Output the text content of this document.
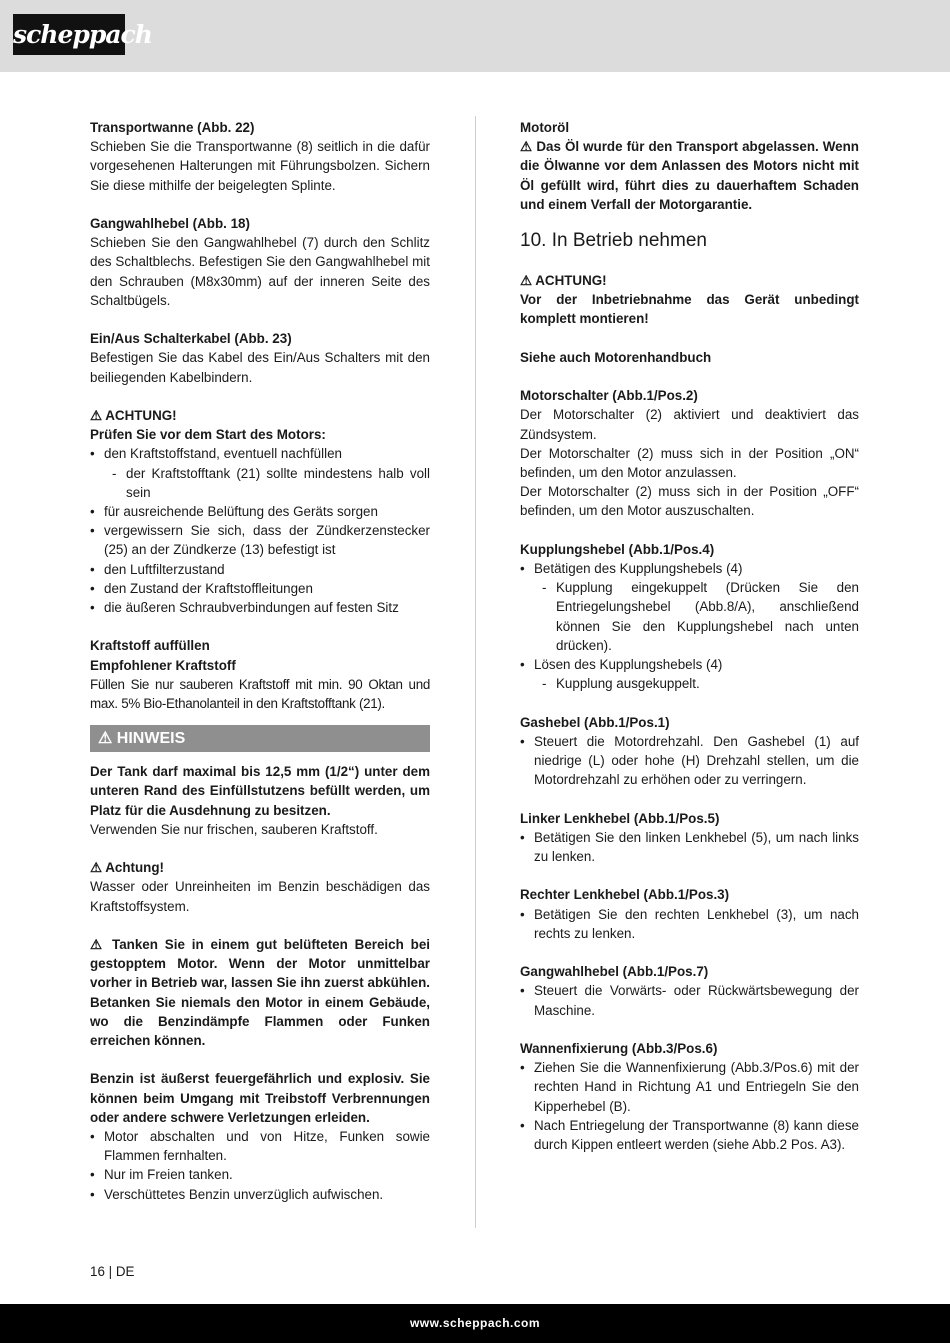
scheppach

Transportwanne (Abb. 22)

Schieben Sie die Transportwanne (8) seitlich in die dafür vorgesehenen Halterungen mit Führungsbolzen. Sichern Sie diese mithilfe der beigelegten Splinte.

Gangwahlhebel (Abb. 18)

Schieben Sie den Gangwahlhebel (7) durch den Schlitz des Schaltblechs. Befestigen Sie den Gangwahlhebel mit den Schrauben (M8x30mm) auf der inneren Seite des Schaltbügels.

Ein/Aus Schalterkabel (Abb. 23)

Befestigen Sie das Kabel des Ein/Aus Schalters mit den beiliegenden Kabelbindern.

⚠ ACHTUNG!

Prüfen Sie vor dem Start des Motors:

• den Kraftstoffstand, eventuell nachfüllen
- der Kraftstofftank (21) sollte mindestens halb voll sein
• für ausreichende Belüftung des Geräts sorgen
• vergewissern Sie sich, dass der Zündkerzenstecker (25) an der Zündkerze (13) befestigt ist
• den Luftfilterzustand
• den Zustand der Kraftstoffleitungen
• die äußeren Schraubverbindungen auf festen Sitz

Kraftstoff auffüllen

Empfohlener Kraftstoff

Füllen Sie nur sauberen Kraftstoff mit min. 90 Oktan und max. 5% Bio-Ethanolanteil in den Kraftstofftank (21).

⚠ HINWEIS

Der Tank darf maximal bis 12,5 mm (1/2“) unter dem unteren Rand des Einfüllstutzens befüllt werden, um Platz für die Ausdehnung zu besitzen.

Verwenden Sie nur frischen, sauberen Kraftstoff.

⚠ Achtung!

Wasser oder Unreinheiten im Benzin beschädigen das Kraftstoffsystem.

⚠ Tanken Sie in einem gut belüfteten Bereich bei gestopptem Motor. Wenn der Motor unmittelbar vorher in Betrieb war, lassen Sie ihn zuerst abkühlen. Betanken Sie niemals den Motor in einem Gebäude, wo die Benzindämpfe Flammen oder Funken erreichen können.

Benzin ist äußerst feuergefährlich und explosiv. Sie können beim Umgang mit Treibstoff Verbrennungen oder andere schwere Verletzungen erleiden.

• Motor abschalten und von Hitze, Funken sowie Flammen fernhalten.
• Nur im Freien tanken.
• Verschüttetes Benzin unverzüglich aufwischen.

Motoröl

⚠ Das Öl wurde für den Transport abgelassen. Wenn die Ölwanne vor dem Anlassen des Motors nicht mit Öl gefüllt wird, führt dies zu dauerhaftem Schaden und einem Verfall der Motorgarantie.

10. In Betrieb nehmen

⚠ ACHTUNG!

Vor der Inbetriebnahme das Gerät unbedingt komplett montieren!

Siehe auch Motorenhandbuch

Motorschalter (Abb.1/Pos.2)

Der Motorschalter (2) aktiviert und deaktiviert das Zündsystem.

Der Motorschalter (2) muss sich in der Position „ON“ befinden, um den Motor anzulassen.

Der Motorschalter (2) muss sich in der Position „OFF“ befinden, um den Motor auszuschalten.

Kupplungshebel (Abb.1/Pos.4)

• Betätigen des Kupplungshebels (4)
- Kupplung eingekuppelt (Drücken Sie den Entriegelungshebel (Abb.8/A), anschließend können Sie den Kupplungshebel nach unten drücken).
• Lösen des Kupplungshebels (4)
- Kupplung ausgekuppelt.

Gashebel (Abb.1/Pos.1)

• Steuert die Motordrehzahl. Den Gashebel (1) auf niedrige (L) oder hohe (H) Drehzahl stellen, um die Motordrehzahl zu erhöhen oder zu verringern.

Linker Lenkhebel (Abb.1/Pos.5)

• Betätigen Sie den linken Lenkhebel (5), um nach links zu lenken.

Rechter Lenkhebel (Abb.1/Pos.3)

• Betätigen Sie den rechten Lenkhebel (3), um nach rechts zu lenken.

Gangwahlhebel (Abb.1/Pos.7)

• Steuert die Vorwärts- oder Rückwärtsbewegung der Maschine.

Wannenfixierung (Abb.3/Pos.6)

• Ziehen Sie die Wannenfixierung (Abb.3/Pos.6) mit der rechten Hand in Richtung A1 und Entriegeln Sie den Kipperhebel (B).
• Nach Entriegelung der Transportwanne (8) kann diese durch Kippen entleert werden (siehe Abb.2 Pos. A3).
16 | DE
www.scheppach.com
